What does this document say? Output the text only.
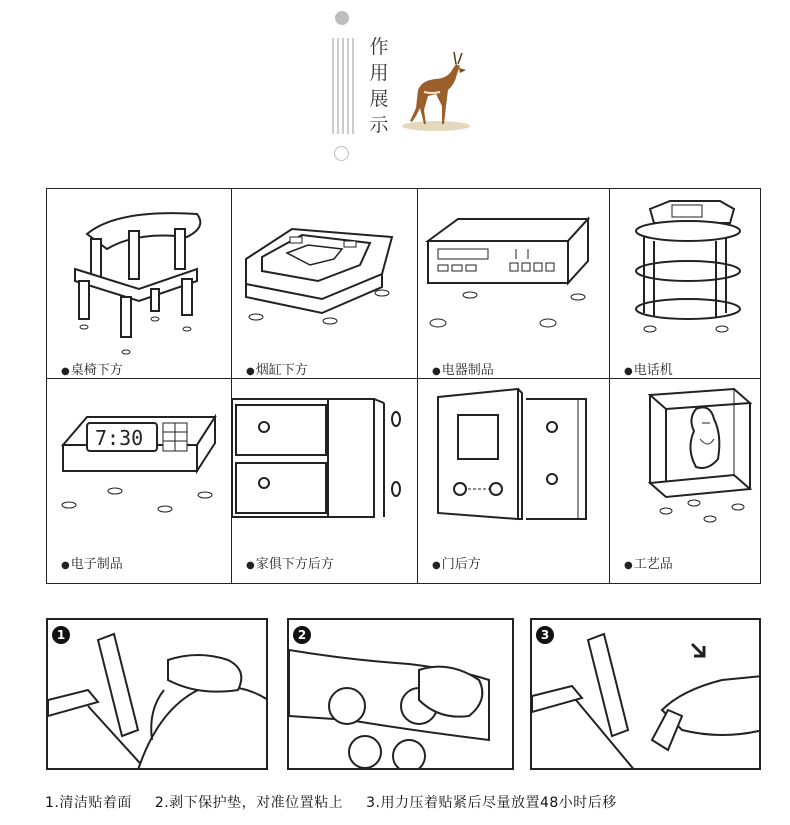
作
用
展
示
●桌椅下方	●烟缸下方	●电器制品	●电话机
7:30
●电子制品	●家俱下方后方	●门后方	●工艺品
1	2	3
1.清洁贴着面 2.剥下保护垫，对准位置粘上 3.用力压着贴紧后尽量放置48小时后移
